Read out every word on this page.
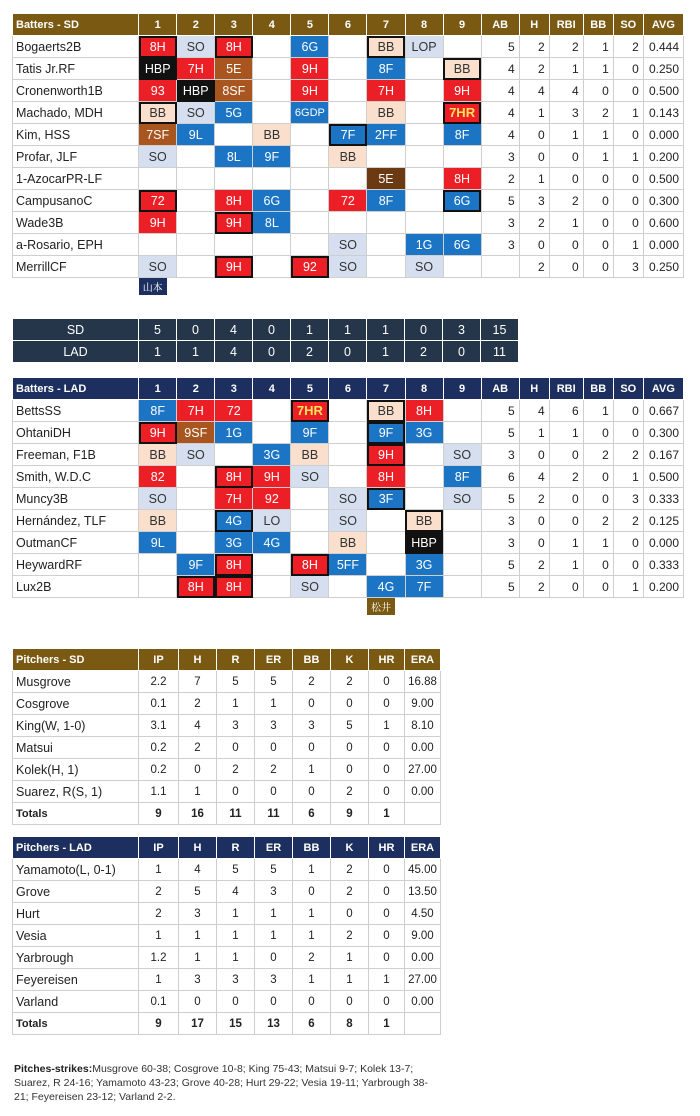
Batters - SD	1	2	3	4	5	6	7	8	9	AB	H	RBI	BB	SO	AVG
Bogaerts2B	8H	SO	8H		6G		BB	LOP		5	2	2	1	2	0.444
Tatis Jr.RF	HBP	7H	5E		9H		8F		BB	4	2	1	1	0	0.250
Cronenworth1B	93	HBP	8SF		9H		7H		9H	4	4	4	0	0	0.500
Machado, MDH	BB	SO	5G		6GDP		BB		7HR	4	1	3	2	1	0.143
Kim, HSS	7SF	9L		BB		7F	2FF		8F	4	0	1	1	0	0.000
Profar, JLF	SO		8L	9F		BB				3	0	0	1	1	0.200
1-AzocarPR-LF							5E		8H	2	1	0	0	0	0.500
CampusanoC	72		8H	6G		72	8F		6G	5	3	2	0	0	0.300
Wade3B	9H		9H	8L						3	2	1	0	0	0.600
a-Rosario, EPH						SO		1G	6G	3	0	0	0	1	0.000
MerrillCF	SO		9H		92	SO		SO			2	0	0	3	0.250
	山本														
SD	5	0	4	0	1	1	1	0	3	15
LAD	1	1	4	0	2	0	1	2	0	11
Batters - LAD	1	2	3	4	5	6	7	8	9	AB	H	RBI	BB	SO	AVG
BettsSS	8F	7H	72		7HR		BB	8H		5	4	6	1	0	0.667
OhtaniDH	9H	9SF	1G		9F		9F	3G		5	1	1	0	0	0.300
Freeman, F1B	BB	SO		3G	BB		9H		SO	3	0	0	2	2	0.167
Smith, W.D.C	82		8H	9H	SO		8H		8F	6	4	2	0	1	0.500
Muncy3B	SO		7H	92		SO	3F		SO	5	2	0	0	3	0.333
Hernández, TLF	BB		4G	LO		SO		BB		3	0	0	2	2	0.125
OutmanCF	9L		3G	4G		BB		HBP		3	0	1	1	0	0.000
HeywardRF		9F	8H		8H	5FF		3G		5	2	1	0	0	0.333
Lux2B		8H	8H		SO		4G	7F		5	2	0	0	1	0.200
							松井								
Pitchers - SD	IP	H	R	ER	BB	K	HR	ERA
Musgrove	2.2	7	5	5	2	2	0	16.88
Cosgrove	0.1	2	1	1	0	0	0	9.00
King(W, 1-0)	3.1	4	3	3	3	5	1	8.10
Matsui	0.2	2	0	0	0	0	0	0.00
Kolek(H, 1)	0.2	0	2	2	1	0	0	27.00
Suarez, R(S, 1)	1.1	1	0	0	0	2	0	0.00
Totals	9	16	11	11	6	9	1	
Pitchers - LAD	IP	H	R	ER	BB	K	HR	ERA
Yamamoto(L, 0-1)	1	4	5	5	1	2	0	45.00
Grove	2	5	4	3	0	2	0	13.50
Hurt	2	3	1	1	1	0	0	4.50
Vesia	1	1	1	1	1	2	0	9.00
Yarbrough	1.2	1	1	0	2	1	0	0.00
Feyereisen	1	3	3	3	1	1	1	27.00
Varland	0.1	0	0	0	0	0	0	0.00
Totals	9	17	15	13	6	8	1	
Pitches-strikes:Musgrove 60-38; Cosgrove 10-8; King 75-43; Matsui 9-7; Kolek 13-7; Suarez, R 24-16; Yamamoto 43-23; Grove 40-28; Hurt 29-22; Vesia 19-11; Yarbrough 38-21; Feyereisen 23-12; Varland 2-2.
